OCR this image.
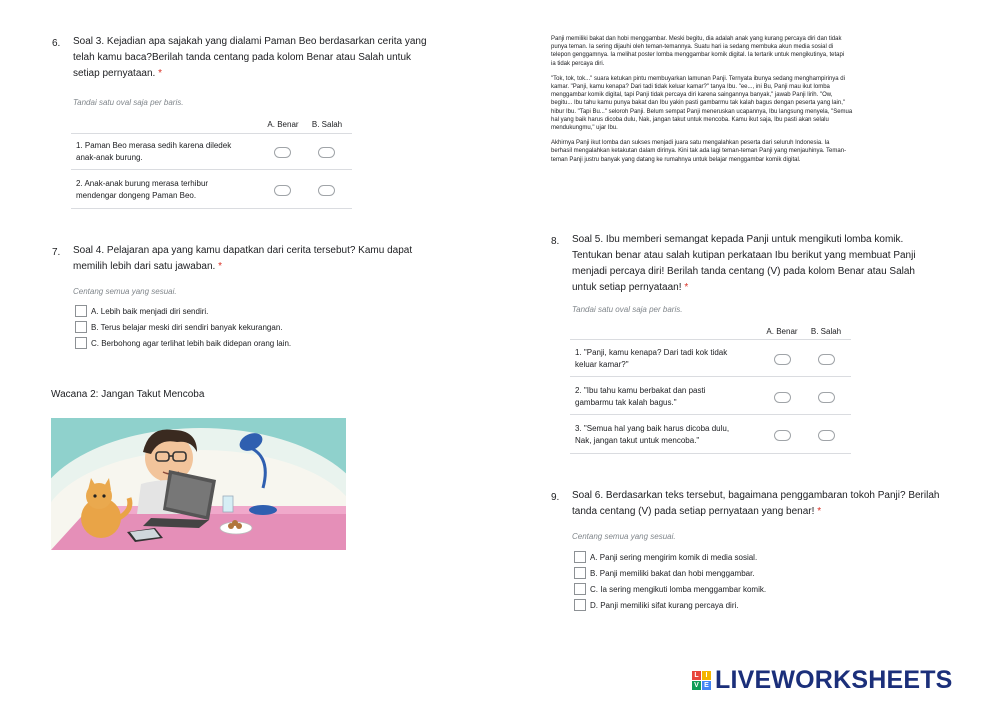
6. Soal 3. Kejadian apa sajakah yang dialami Paman Beo berdasarkan cerita yang
telah kamu baca?Berilah tanda centang pada kolom Benar atau Salah untuk
setiap pernyataan. *
Tandai satu oval saja per baris.
A. Benar	B. Salah
1. Paman Beo merasa sedih karena diledek
anak-anak burung.
2. Anak-anak burung merasa terhibur
mendengar dongeng Paman Beo.
7. Soal 4. Pelajaran apa yang kamu dapatkan dari cerita tersebut? Kamu dapat
memilih lebih dari satu jawaban. *
Centang semua yang sesuai.
A. Lebih baik menjadi diri sendiri.
B. Terus belajar meski diri sendiri banyak kekurangan.
C. Berbohong agar terlihat lebih baik didepan orang lain.
Wacana 2: Jangan Takut Mencoba

Panji memiliki bakat dan hobi menggambar. Meski begitu, dia adalah anak yang kurang percaya diri dan tidak
punya teman. Ia sering dijauhi oleh teman-temannya. Suatu hari ia sedang membuka akun media sosial di
telepon genggamnya. Ia melihat poster lomba menggambar komik digital. Ia tertarik untuk mengikutinya, tetapi
ia tidak percaya diri.

"Tok, tok, tok..." suara ketukan pintu membuyarkan lamunan Panji. Ternyata ibunya sedang menghampirinya di
kamar. "Panji, kamu kenapa? Dari tadi tidak keluar kamar?" tanya Ibu. "ee..., ini Bu, Panji mau ikut lomba
menggambar komik digital, tapi Panji tidak percaya diri karena saingannya banyak," jawab Panji lirih. "Ow,
begitu... Ibu tahu kamu punya bakat dan Ibu yakin pasti gambarmu tak kalah bagus dengan peserta yang lain,"
hibur Ibu. "Tapi Bu..." seloroh Panji. Belum sempat Panji meneruskan ucapannya, Ibu langsung menyela, "Semua
hal yang baik harus dicoba dulu, Nak, jangan takut untuk mencoba. Kamu ikut saja, Ibu pasti akan selalu
mendukungmu," ujar Ibu.

Akhirnya Panji ikut lomba dan sukses menjadi juara satu mengalahkan peserta dari seluruh Indonesia. Ia
berhasil mengalahkan ketakutan dalam dirinya. Kini tak ada lagi teman-teman Panji yang menjauhinya. Teman-
teman Panji justru banyak yang datang ke rumahnya untuk belajar menggambar komik digital.

8. Soal 5. Ibu memberi semangat kepada Panji untuk mengikuti lomba komik.
Tentukan benar atau salah kutipan perkataan Ibu berikut yang membuat Panji
menjadi percaya diri! Berilah tanda centang (V) pada kolom Benar atau Salah
untuk setiap pernyataan! *
Tandai satu oval saja per baris.
A. Benar	B. Salah
1. "Panji, kamu kenapa? Dari tadi kok tidak
keluar kamar?"
2. "Ibu tahu kamu berbakat dan pasti
gambarmu tak kalah bagus."
3. "Semua hal yang baik harus dicoba dulu,
Nak, jangan takut untuk mencoba."
9. Soal 6. Berdasarkan teks tersebut, bagaimana penggambaran tokoh Panji? Berilah
tanda centang (V) pada setiap pernyataan yang benar! *
Centang semua yang sesuai.
A. Panji sering mengirim komik di media sosial.
B. Panji memiliki bakat dan hobi menggambar.
C. Ia sering mengikuti lomba menggambar komik.
D. Panji memiliki sifat kurang percaya diri.
L I
V E LIVEWORKSHEETS
